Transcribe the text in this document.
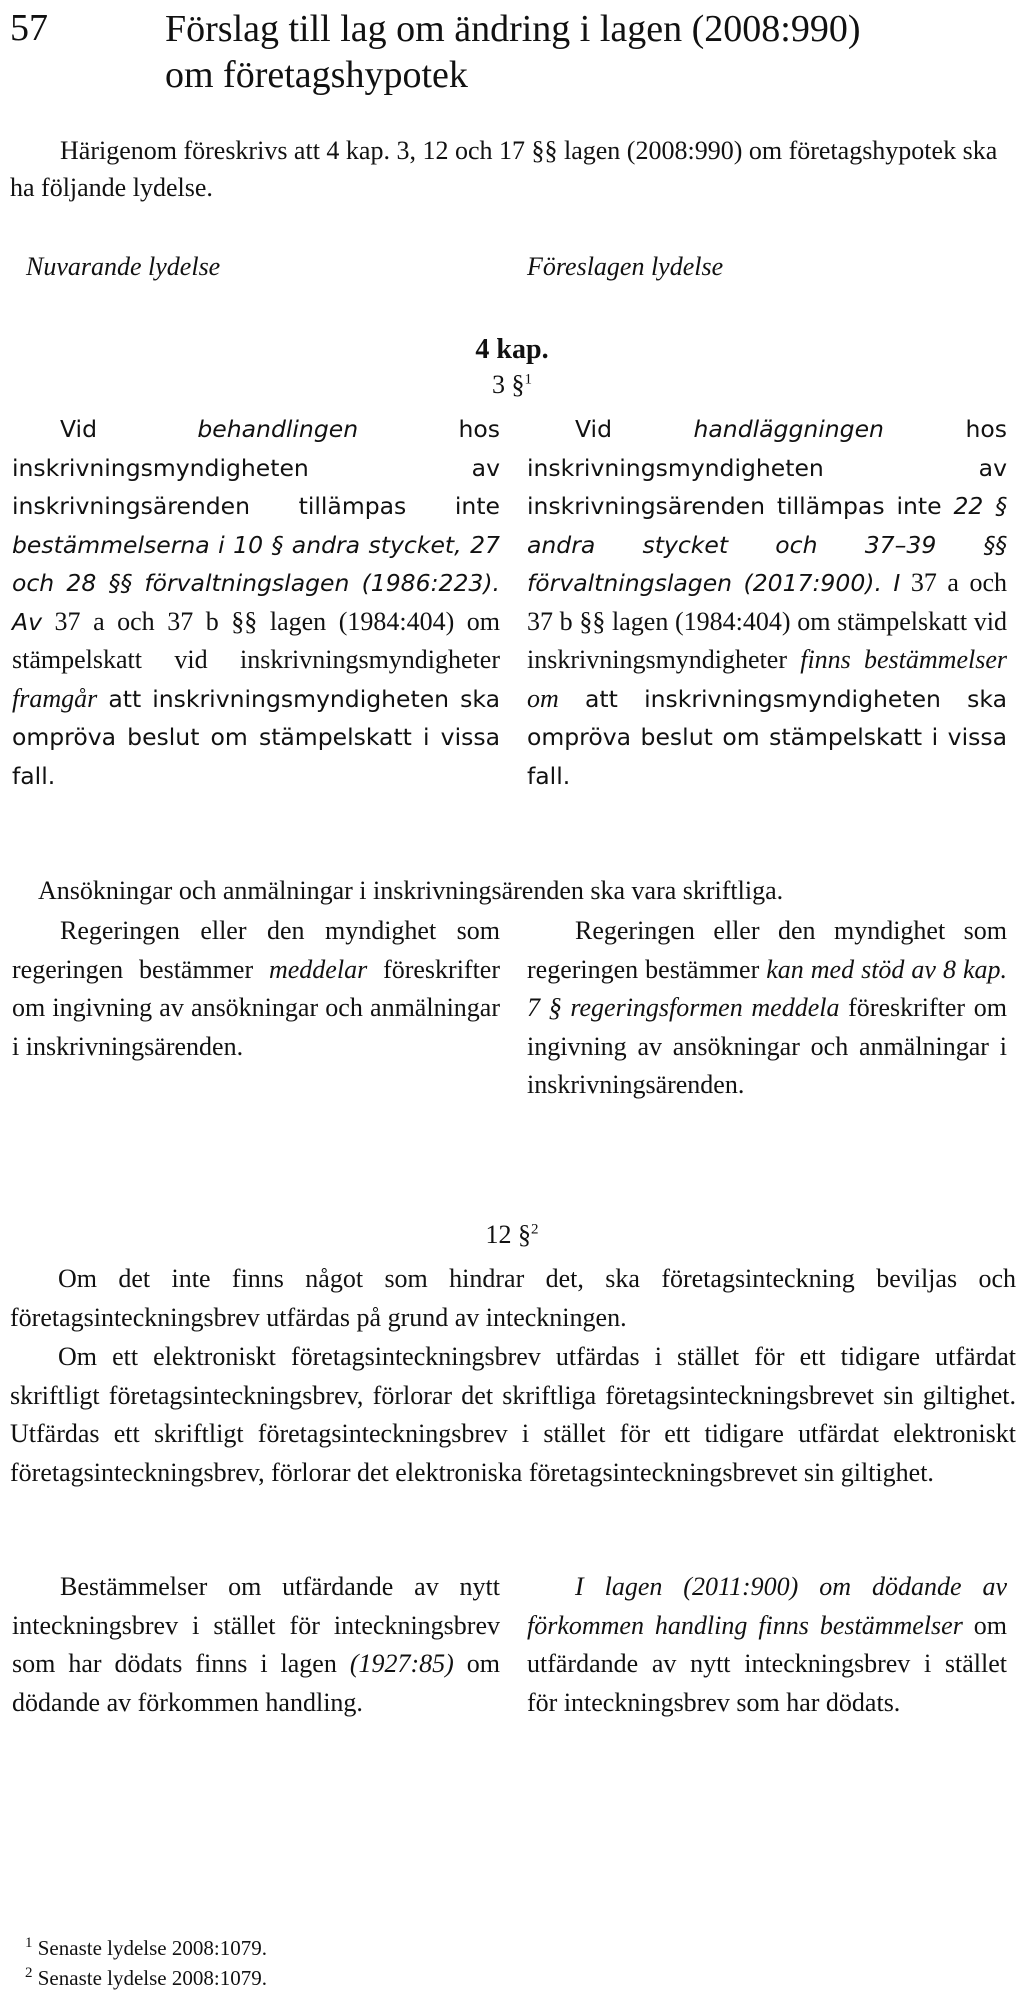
57	Förslag till lag om ändring i lagen (2008:990)
om företagshypotek
Härigenom föreskrivs att 4 kap. 3, 12 och 17 §§ lagen (2008:990) om företagshypotek ska ha följande lydelse.
Nuvarande lydelse	Föreslagen lydelse
4 kap.
3 §$^1$
Vid behandlingen hos inskrivningsmyndigheten av inskrivningsärenden tillämpas inte bestämmelserna i 10 § andra stycket, 27 och 28 §§ förvaltningslagen (1986:223). Av 37 a och 37 b §§ lagen (1984:404) om stämpelskatt vid inskrivningsmyndigheter framgår att inskrivningsmyndigheten ska ompröva beslut om stämpelskatt i vissa fall.
Vid handläggningen hos inskrivningsmyndigheten av inskrivningsärenden tillämpas inte 22 § andra stycket och 37–39 §§ förvaltningslagen (2017:900). I 37 a och 37 b §§ lagen (1984:404) om stämpelskatt vid inskrivningsmyndigheter finns bestämmelser om att inskrivningsmyndigheten ska ompröva beslut om stämpelskatt i vissa fall.
Ansökningar och anmälningar i inskrivningsärenden ska vara skriftliga.
Regeringen eller den myndighet som regeringen bestämmer meddelar föreskrifter om ingivning av ansökningar och anmälningar i inskrivningsärenden.
Regeringen eller den myndighet som regeringen bestämmer kan med stöd av 8 kap. 7 § regeringsformen meddela föreskrifter om ingivning av ansökningar och anmälningar i inskrivningsärenden.
12 §$^2$
Om det inte finns något som hindrar det, ska företagsinteckning beviljas och företagsinteckningsbrev utfärdas på grund av inteckningen.
Om ett elektroniskt företagsinteckningsbrev utfärdas i stället för ett tidigare utfärdat skriftligt företagsinteckningsbrev, förlorar det skriftliga företagsinteckningsbrevet sin giltighet. Utfärdas ett skriftligt företagsinteckningsbrev i stället för ett tidigare utfärdat elektroniskt företagsinteckningsbrev, förlorar det elektroniska företagsinteckningsbrevet sin giltighet.
Bestämmelser om utfärdande av nytt inteckningsbrev i stället för inteckningsbrev som har dödats finns i lagen (1927:85) om dödande av förkommen handling.
I lagen (2011:900) om dödande av förkommen handling finns bestämmelser om utfärdande av nytt inteckningsbrev i stället för inteckningsbrev som har dödats.
$^1$ Senaste lydelse 2008:1079.
$^2$ Senaste lydelse 2008:1079.
